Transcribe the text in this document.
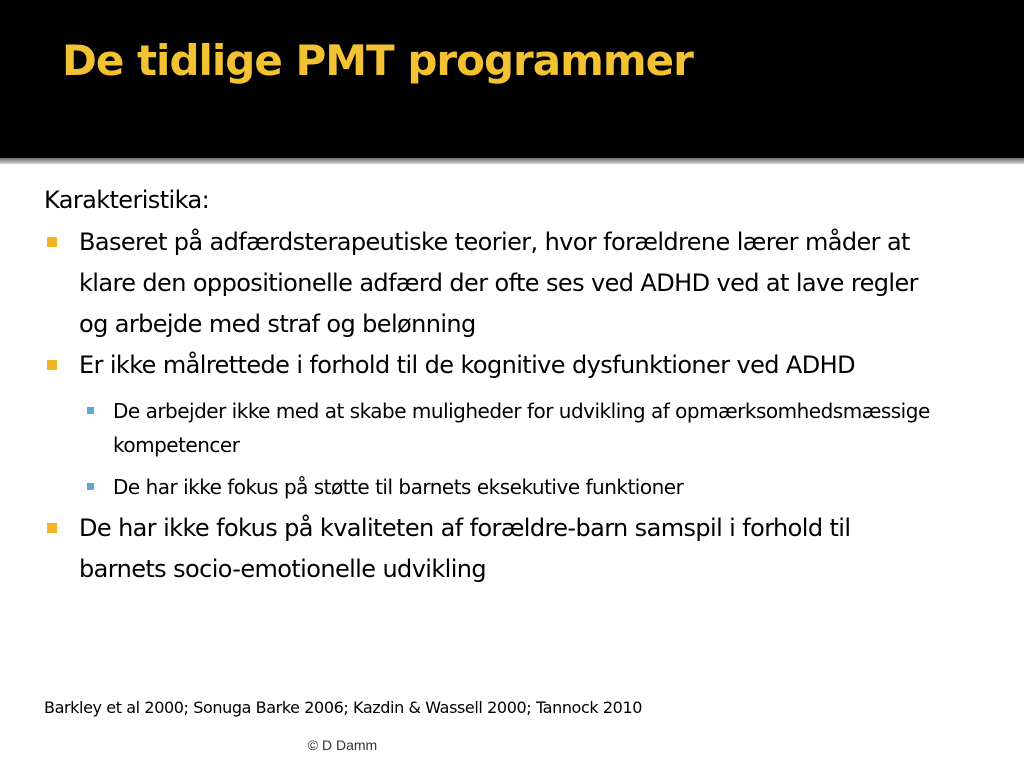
De tidlige PMT programmer

Karakteristika:

Baseret på adfærdsterapeutiske teorier, hvor forældrene lærer måder at klare den oppositionelle adfærd der ofte ses ved ADHD ved at lave regler og arbejde med straf og belønning
Er ikke målrettede i forhold til de kognitive dysfunktioner ved ADHD
De arbejder ikke med at skabe muligheder for udvikling af opmærksomhedsmæssige kompetencer
De har ikke fokus på støtte til barnets eksekutive funktioner
De har ikke fokus på kvaliteten af forældre-barn samspil i forhold til barnets socio-emotionelle udvikling
Barkley et al 2000; Sonuga Barke 2006; Kazdin & Wassell 2000; Tannock 2010
© D Damm
